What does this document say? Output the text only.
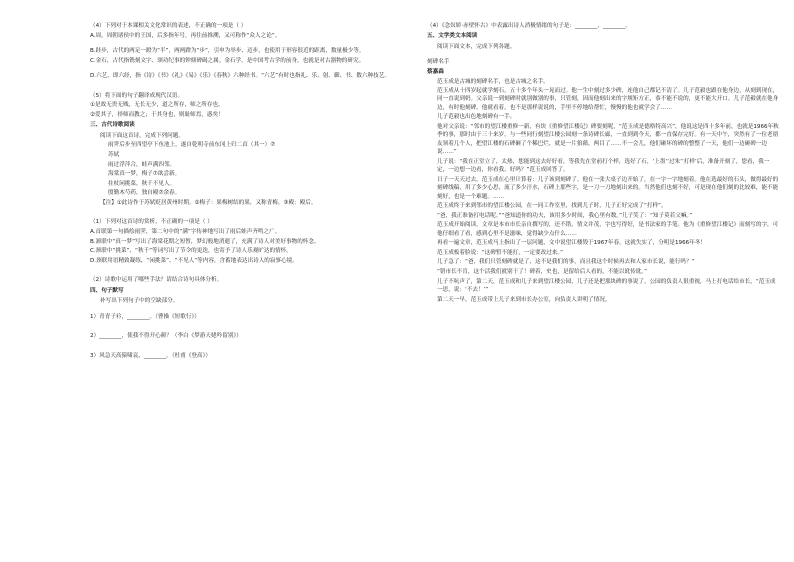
（4）下列对于本课相关文化常识的表述，不正确的一项是（ ）
A.周，周朝诸侯中的王国，后多指年号，再往前推溯，又可称作“众人之论”。
B.跬步，古代的两足一蹬为“半”，两两蹬为“步”，引申为举步、迈步，也使用于形容很近的距离，数量极少等。
C.金石，古代指镌刻文字、颂功纪事的钟鼎碑碣之属。金石学，是中国考古学的前身，也就是对古器物的研究。
D.六艺，即六经，指《诗》《书》《礼》《易》《乐》《春秋》六种经书。“六艺”有时也指礼、乐、射、御、书、数六种技艺。
（5）将下面的句子翻译成现代汉语。
①是故无贵无贱，无长无少，道之所存，师之所存也。
②爱其子，择师而教之；于其身也，则耻师焉，惑矣！
三、古代诗歌阅读
阅读下面这首诗，完成下列问题。
雨霁后步至四望亭下鱼池上，遂自乾明寺前东冈上归二首（其一）⑦
苏轼
雨过浮萍合，蛙声满四邻。
海棠真一梦，梅子⑦欲尝新。
拄杖闲挑菜，秋千不见人。
殷勤木芍药，独自殿⑦余春。
【注】①此诗作于苏轼贬居黄州时期。②梅子：果梅树结的果，又称青梅。③殿：殿后。
（1）下列对这首诗的赏析，不正确的一项是（ ）
A.首联第一句描绘雨霁，第二句中的“满”字传神地写出了雨后蛙声齐鸣之广。
B.颔联中“真一梦”写出了海棠花期之短暂，梦幻般地消逝了，充满了诗人对美好事物的怀念。
C.颈联中“挑菜”、“秋千”等词写出了节令的更迭，也寄予了诗人乐观旷达的情怀。
D.颈联用语精致凝练，“闲挑菜”、“不见人”等内容，含蓄地表达出诗人的寂寥心境。
（2）诗歌中运用了哪些手法？请结合诗句具体分析。
四、句子默写
补写出下列句子中的空缺部分。
1）青青子衿，________。（曹操《短歌行》）
2）________，使我不得开心颜？（李白《梦游天姥吟留别》）
3）风急天高猿啸哀，________。（杜甫《登高》）
（4）《念奴娇·赤壁怀古》中表露出诗人消极情绪的句子是：________，________。
五、文学类文本阅读
阅读下面文本，完成下列各题。
刻碑名手
蔡嘉森
范玉成是古城的刻碑名手，也是古城之名手。
范玉成从十四岁起就学刻石，五十多个年头一晃而过。他一生中刻过多少碑，连他自己都记不清了。儿子范毅也跟在他身边，从刻到现在，同一直说到奶。父亲说一到刻碑时就别做别的事，只管刻，因而他刻出来的字规矩方正，恭不能不说的，更不能大开口。儿子范毅就在他身边，有时他刻碑，他就看着，也不是那样说说的，手里不停地给帮忙，慢慢的他也就学会了……
儿子范毅也出色地刻碑有一手。
他对父亲说：“邻市的望江楼重修一新，有块《重修望江楼记》碑要刻呢，“范玉成是德格特高兴”，他说这是四十多年前，也就是1966年秋季的事，那时由于三十来岁，与一些同行刻望江楼公园刻一条诗碑长廊，一直到到今天，都一直保存完好。有一天中午，突然有了一位老朋友领着几个人，把望江楼的石碑砸了个稀巴烂，就是一片狼藉，两目了……不一会儿，他们砸坏的碑的整整了一天，他们一边砸碑一边说……”
儿子说：“我在正堂立了，太热，您能到这去好好看，等我先在堂前打个样，选好了石，‘上墨’‘过朱’‘打样’后，准备开刻了，您看，我一定，一边想一边看，你看我，好吗？”范玉成回答了。
日子一天天过去，范玉成在心里计算着：儿子该到刻碑了。他在一张大桌子边开始了，在一字一字地刻着。他在选最好的石头，做得最好的刻碑线稿，用了多少心思，流了多少汗水，石碑上那些字，是一刀一刀地刻出来的。当然他们也刻不好，可是现在他们刻的比较难，能不能刻好，也是一个难题。……
范玉成终于来到邻市的望江楼公园，在一同工作室里，找到儿子时，儿子正好完成了“打样”。
“爸，我正准备打电话呢。”“爸知道你的功夫，该用多少时间，我心里有数。”儿子笑了：“知子莫若父嘛。”
范玉成开始阅读，文章是本市市长亲自撰写的，还不错，情文并茂，字也写得好，是书法家的手笔。他为《重修望江楼记》而刻写的字，可他仔细看了看，感到心里不是滋味，觉得缺少点什么……
再看一遍文章，范玉成马上指出了一层问题，文中说望江楼毁于1967年春，这就失实了，分明是1966年冬！
范玉成板着脸说：“这碑暂不能打，一定要改过来。”
儿子急了：“爸，我们只管刻碑就是了，这不是我们的事，而且我这个时候再去和人家市长说，能行吗？”
“错市长不肯，这个活我们就别干了！碑着，史也，是留给后人看的，不能以讹传讹。”
儿子不吭声了，第二天，范玉成和儿子来到望江楼公园，儿子还是把那块碑的事说了。公园的负责人很重视，马上打电话给市长，“范玉成一思，说：‘不去！’”
第二天一早，范玉成带上儿子来到市长办公室，向负责人讲明了情况。
